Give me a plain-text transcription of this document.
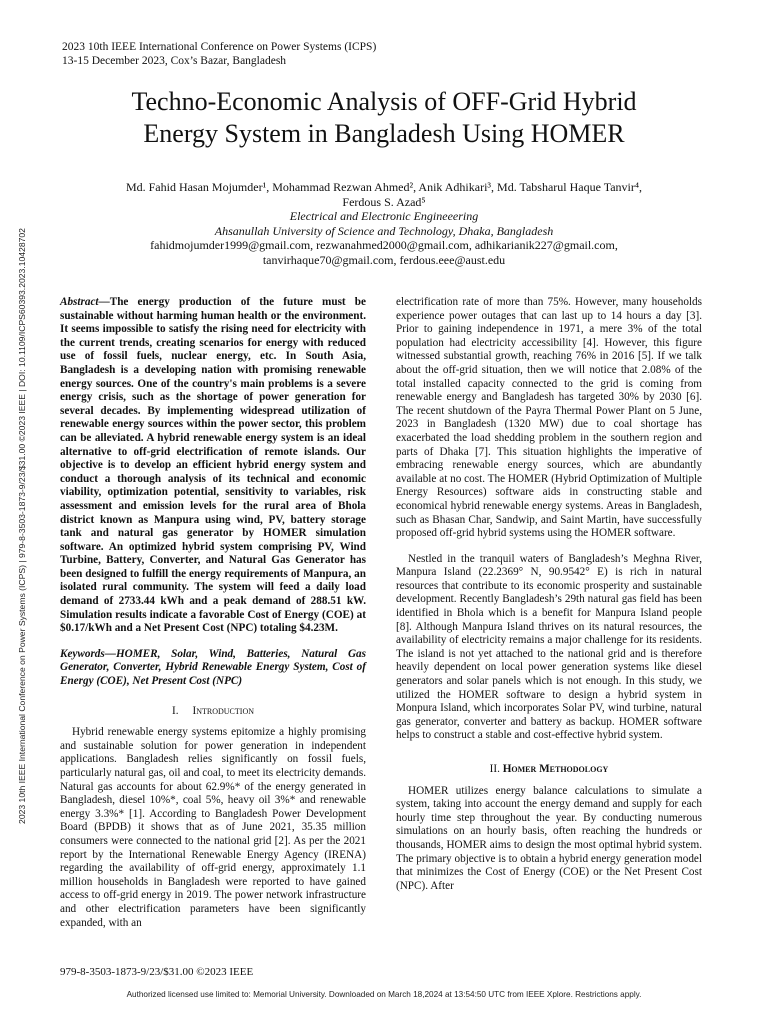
2023 10th IEEE International Conference on Power Systems (ICPS)
13-15 December 2023, Cox’s Bazar, Bangladesh
Techno-Economic Analysis of OFF-Grid Hybrid
Energy System in Bangladesh Using HOMER
Md. Fahid Hasan Mojumder¹, Mohammad Rezwan Ahmed², Anik Adhikari³, Md. Tabsharul Haque Tanvir⁴,
Ferdous S. Azad⁵
Electrical and Electronic Engineeering
Ahsanullah University of Science and Technology, Dhaka, Bangladesh
fahidmojumder1999@gmail.com, rezwanahmed2000@gmail.com, adhikarianik227@gmail.com,
tanvirhaque70@gmail.com, ferdous.eee@aust.edu
2023 10th IEEE International Conference on Power Systems (ICPS) | 979-8-3503-1873-9/23/$31.00 ©2023 IEEE | DOI: 10.1109/ICPS60393.2023.10428702	Abstract—The energy production of the future must be sustainable without harming human health or the environment. It seems impossible to satisfy the rising need for electricity with the current trends, creating scenarios for energy with reduced use of fossil fuels, nuclear energy, etc. In South Asia, Bangladesh is a developing nation with promising renewable energy sources. One of the country's main problems is a severe energy crisis, such as the shortage of power generation for several decades. By implementing widespread utilization of renewable energy sources within the power sector, this problem can be alleviated. A hybrid renewable energy system is an ideal alternative to off-grid electrification of remote islands. Our objective is to develop an efficient hybrid energy system and conduct a thorough analysis of its technical and economic viability, optimization potential, sensitivity to variables, risk assessment and emission levels for the rural area of Bhola district known as Manpura using wind, PV, battery storage tank and natural gas generator by HOMER simulation software. An optimized hybrid system comprising PV, Wind Turbine, Battery, Converter, and Natural Gas Generator has been designed to fulfill the energy requirements of Manpura, an isolated rural community. The system will feed a daily load demand of 2733.44 kWh and a peak demand of 288.51 kW. Simulation results indicate a favorable Cost of Energy (COE) at $0.17/kWh and a Net Present Cost (NPC) totaling $4.23M.

Keywords—HOMER, Solar, Wind, Batteries, Natural Gas Generator, Converter, Hybrid Renewable Energy System, Cost of Energy (COE), Net Present Cost (NPC)

I. Introduction

Hybrid renewable energy systems epitomize a highly promising and sustainable solution for power generation in independent applications. Bangladesh relies significantly on fossil fuels, particularly natural gas, oil and coal, to meet its electricity demands. Natural gas accounts for about 62.9%* of the energy generated in Bangladesh, diesel 10%*, coal 5%, heavy oil 3%* and renewable energy 3.3%* [1]. According to Bangladesh Power Development Board (BPDB) it shows that as of June 2021, 35.35 million consumers were connected to the national grid [2]. As per the 2021 report by the International Renewable Energy Agency (IRENA) regarding the availability of off-grid energy, approximately 1.1 million households in Bangladesh were reported to have gained access to off-grid energy in 2019. The power network infrastructure and other electrification parameters have been significantly expanded, with an

electrification rate of more than 75%. However, many households experience power outages that can last up to 14 hours a day [3]. Prior to gaining independence in 1971, a mere 3% of the total population had electricity accessibility [4]. However, this figure witnessed substantial growth, reaching 76% in 2016 [5]. If we talk about the off-grid situation, then we will notice that 2.08% of the total installed capacity connected to the grid is coming from renewable energy and Bangladesh has targeted 30% by 2030 [6]. The recent shutdown of the Payra Thermal Power Plant on 5 June, 2023 in Bangladesh (1320 MW) due to coal shortage has exacerbated the load shedding problem in the southern region and parts of Dhaka [7]. This situation highlights the imperative of embracing renewable energy sources, which are abundantly available at no cost. The HOMER (Hybrid Optimization of Multiple Energy Resources) software aids in constructing stable and economical hybrid renewable energy systems. Areas in Bangladesh, such as Bhasan Char, Sandwip, and Saint Martin, have successfully proposed off-grid hybrid systems using the HOMER software.

Nestled in the tranquil waters of Bangladesh’s Meghna River, Manpura Island (22.2369° N, 90.9542° E) is rich in natural resources that contribute to its economic prosperity and sustainable development. Recently Bangladesh’s 29th natural gas field has been identified in Bhola which is a benefit for Manpura Island people [8]. Although Manpura Island thrives on its natural resources, the availability of electricity remains a major challenge for its residents. The island is not yet attached to the national grid and is therefore heavily dependent on local power generation systems like diesel generators and solar panels which is not enough. In this study, we utilized the HOMER software to design a hybrid system in Monpura Island, which incorporates Solar PV, wind turbine, natural gas generator, converter and battery as backup. HOMER software helps to construct a stable and cost-effective hybrid system.

II. Homer Methodology

HOMER utilizes energy balance calculations to simulate a system, taking into account the energy demand and supply for each hourly time step throughout the year. By conducting numerous simulations on an hourly basis, often reaching the hundreds or thousands, HOMER aims to design the most optimal hybrid system. The primary objective is to obtain a hybrid energy generation model that minimizes the Cost of Energy (COE) or the Net Present Cost (NPC). After

979-8-3503-1873-9/23/$31.00 ©2023 IEEE
Authorized licensed use limited to: Memorial University. Downloaded on March 18,2024 at 13:54:50 UTC from IEEE Xplore. Restrictions apply.
